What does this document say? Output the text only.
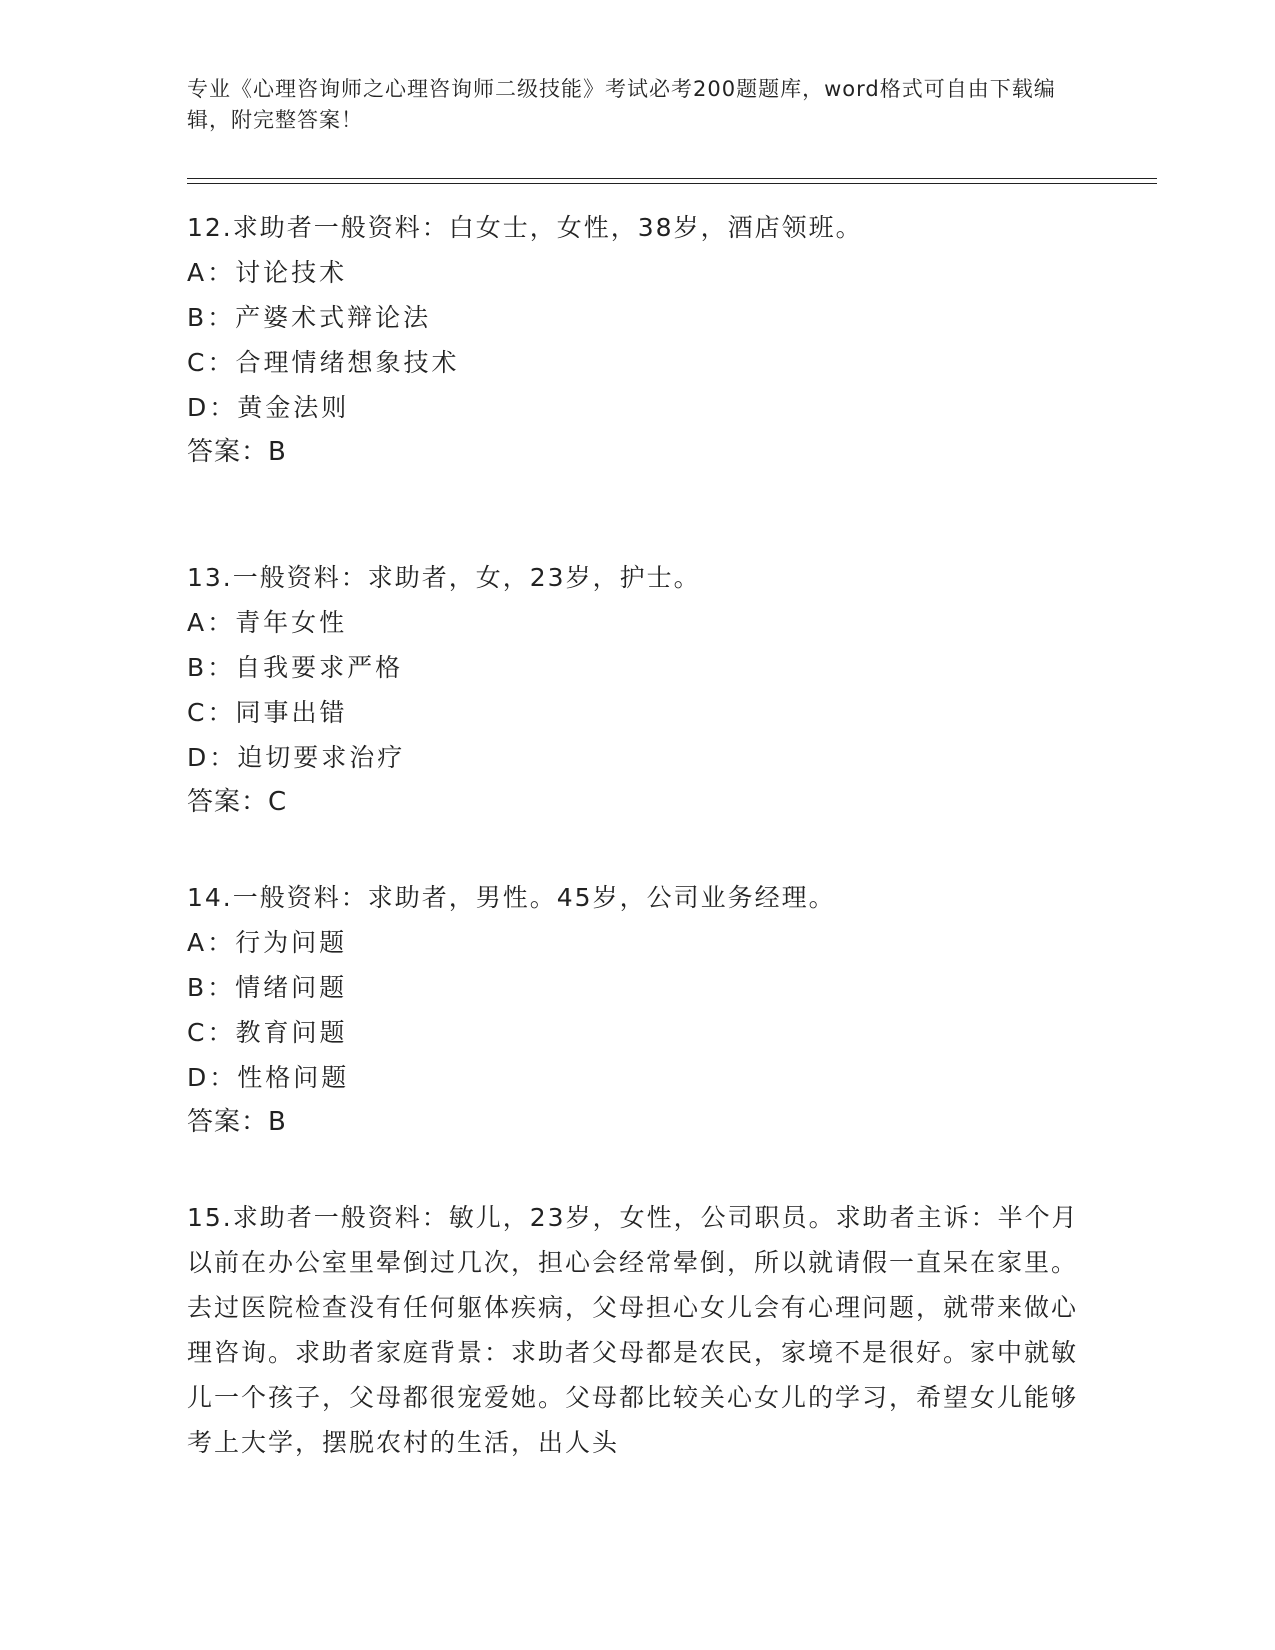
专业《心理咨询师之心理咨询师二级技能》考试必考200题题库，word格式可自由下载编辑，附完整答案！
12.求助者一般资料：白女士，女性，38岁，酒店领班。
A：讨论技术
B：产婆术式辩论法
C：合理情绪想象技术
D：黄金法则
答案：B
13.一般资料：求助者，女，23岁，护士。
A：青年女性
B：自我要求严格
C：同事出错
D：迫切要求治疗
答案：C
14.一般资料：求助者，男性。45岁，公司业务经理。
A：行为问题
B：情绪问题
C：教育问题
D：性格问题
答案：B
15.求助者一般资料：敏儿，23岁，女性，公司职员。求助者主诉：半个月以前在办公室里晕倒过几次，担心会经常晕倒，所以就请假一直呆在家里。去过医院检查没有任何躯体疾病，父母担心女儿会有心理问题，就带来做心理咨询。求助者家庭背景：求助者父母都是农民，家境不是很好。家中就敏儿一个孩子，父母都很宠爱她。父母都比较关心女儿的学习，希望女儿能够考上大学，摆脱农村的生活，出人头
